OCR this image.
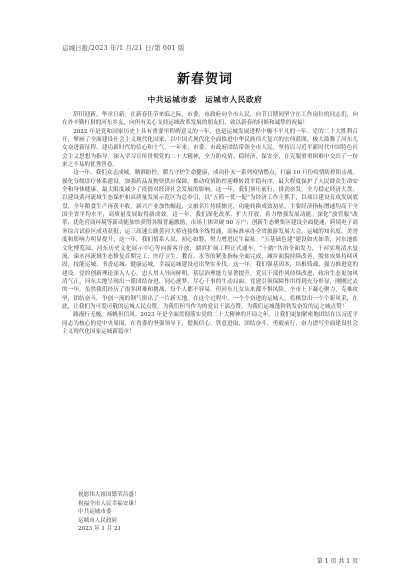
运城日报/2023 年/1 月/21 日/第 001 版
新春贺词
中共运城市委　运城市人民政府

辞旧迎新，华章日新。在新春佳节来临之际，市委、市政府向全市人民，向节日期间坚守在工作岗位的同志们，向在外辛勤打拼的河东乡友，向所有关心支持运城改革发展的朋友们，致以新春的问候和诚挚的祝福！

2022 年是党和国家历史上具有重要里程碑意义的一年，也是运城发展进程中极不平凡的一年。党的二十大胜利召开，擘画了全面建设社会主义现代化国家、以中国式现代化全面推进中华民族伟大复兴的宏伟蓝图，极大鼓舞了河东儿女奋进新征程、建功新时代的信心和士气。一年来，市委、市政府团结带领全市人民，坚持以习近平新时代中国特色社会主义思想为指导，深入学习宣传贯彻党的二十大精神，全力防疫情、稳经济、保安全，在克服重重困难中交出了一份来之不易的优秀答卷。

这一年，我们众志成城、精准防控，暖力守护生命健康，成功扑灭一系列疫情燃点，打赢 10 月份疫情防控阻击战，强化分级诊疗体系建设，加强药品及物资供应保障，推动疫情防控迎峰转段平稳有序，最大程度保护了人民群众生命安全和身体健康，最大限度减少了疫情对经济社会发展的影响。这一年，我们顶压前行，拼劲奋发，全力稳定经济大盘，以建设黄河流域生态保护和高质量发展示范区为总牵引，以“五抓一优一促”为经济工作主抓手，以项目建设育攻发展底盘，全年粮食生产再获丰收，新兴产业加快崛起，文旅名片持续擦亮，功能转换成效初显，主要经济指标增速均高于全国全省平均水平，高质量发展取得新成效。这一年，我们深化改革、扩大开放，着力增强发展动能。深化“放管服”改革，优化营商环境等新动能加快获得各级普遍激励。市场主体突破 90 万户；创新生态聚集区建设全面提速，跨境电子商务综合试验区成功获批；运三高速公路黄河大桥连接线全线贯通，高标准承办全省旅游发展大会，运城的知名度、美誉度和影响力明显提升。这一年，我们情系人民，初心如磐，努力增进民生福祉。“五基础色建”建设如火如荼，河东池盐文化博览园、河东历史文化展示中心等向游客开放，湖滨扩展工程正式通车，“十踏”共治全面发力，千河实现清水复流，涑水河流域生态修复首期完工；医疗卫生、教育、水等的紧张指标全面完成，城乡面貌持续改善，脱贫成果持续巩固，技能运城、书香运城、健康运城，幸福运城建设迈出坚实步伐。这一年，我们强基固本，培根铸魂，强力推进党的建设。党的创新理论深入人心，忠人用人导向鲜明，基层治理能力显著提升，党员干部作风持续改进，政治生态更加风清气正，河东大地呈现出一派团结奋进、同心逐梦、尽心干事的生动局面。党建引领保障作用得到充分彰显，刚刚过去的一年，虽然我们经历了很多困难和挑战，每个人都不容易，但河东儿女从来都不惧风险，全市上下凝心聚力，克难攻坚，团结奋斗，争创一流的钢气拼出了一片新天地。在这个过程中，一个个奋进的运城人，将棋盘出一个个新风采，在此，让我们为可爱可敬的运城人民点赞，为我们担当作为的党员干部点赞，为我们运城蓬勃勃发奋发的运之城点赞！

路漫行无极，扬帆但信风。2023 年是全面贯彻落实党的二十大精神的开局之年。让我们更加紧密地团结在以习近平同志为核心的党中央周围，在省委的坚强领导下，提振信心、铁意进取，团结奋斗，勇毅前行，奋力谱写全面建设社会主义现代化国家运城新篇章！

祝愿伟大祖国繁荣昌盛！
祝福全市人民幸福安康！
中共运城市委
运城市人民政府
2023 年 1 月 21
第 1 页 共 1 页
